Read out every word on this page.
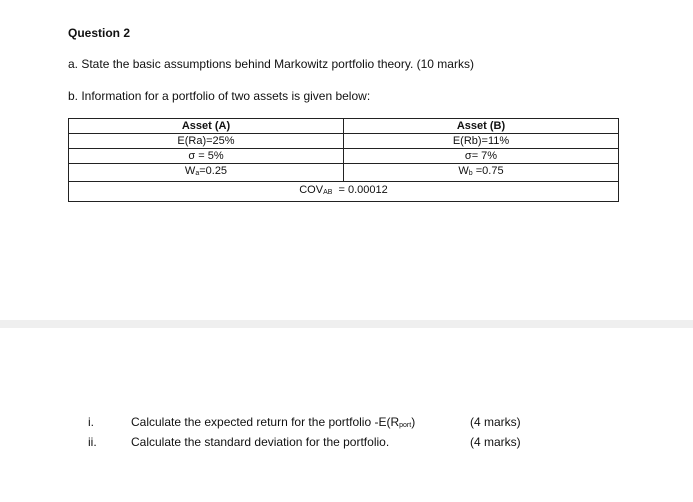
Question 2
a. State the basic assumptions behind Markowitz portfolio theory. (10 marks)
b. Information for a portfolio of two assets is given below:
Asset (A)	Asset (B)
E(Ra)=25%	E(Rb)=11%
σ = 5%	σ= 7%
Wa=0.25	Wb =0.75
COVAB  = 0.00012	
i.	Calculate the expected return for the portfolio -E(Rport)	(4 marks)
ii.	Calculate the standard deviation for the portfolio.	(4 marks)
